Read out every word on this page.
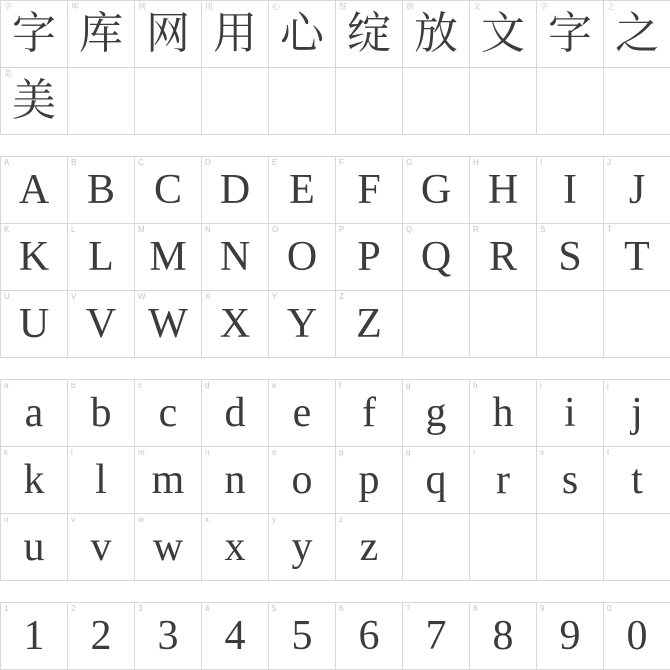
字
字
库
库
网
网
用
用
心
心
绽
绽
放
放
文
文
字
字
之
之
美
美
A
A
B
B
C
C
D
D
E
E
F
F
G
G
H
H
I
I
J
J
K
K
L
L
M
M
N
N
O
O
P
P
Q
Q
R
R
S
S
T
T
U
U
V
V
W
W
X
X
Y
Y
Z
Z
a
a
b
b
c
c
d
d
e
e
f
f
g
g
h
h
i
i
j
j
k
k
l
l
m
m
n
n
o
o
p
p
q
q
r
r
s
s
t
t
u
u
v
v
w
w
x
x
y
y
z
z
1
1
2
2
3
3
4
4
5
5
6
6
7
7
8
8
9
9
0
0
